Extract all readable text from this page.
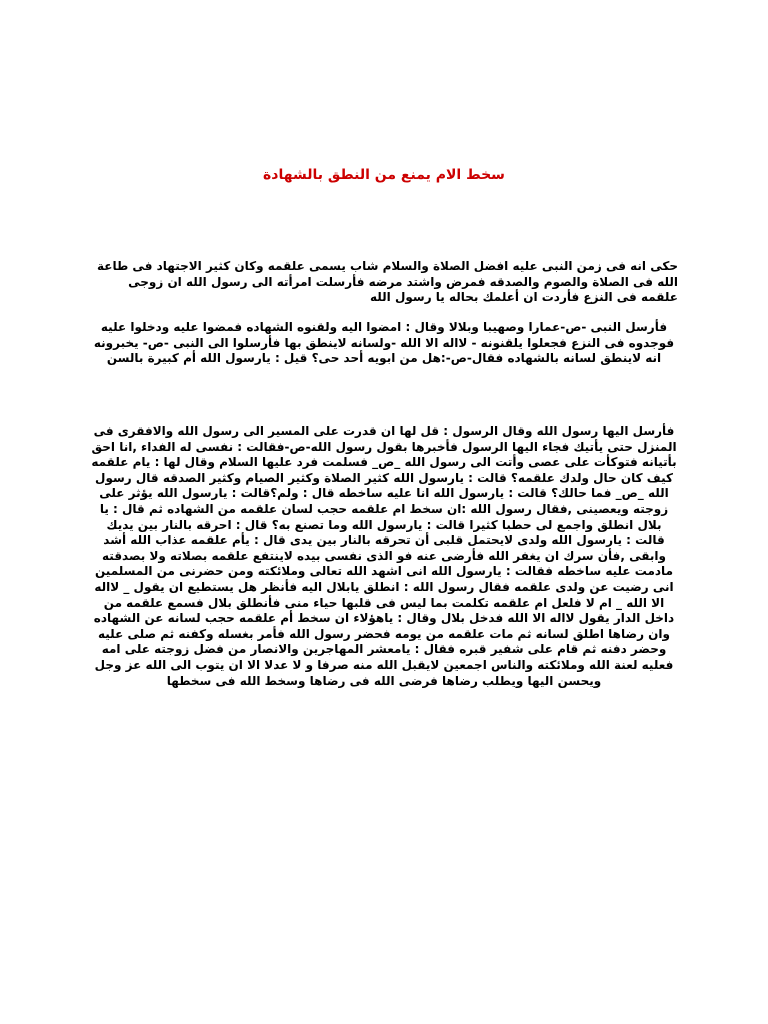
سخط الام يمنع من النطق بالشهادة

حكى انه فى زمن النبى عليه افضل الصلاة والسلام شاب يسمى علقمه وكان كثير الاجتهاد فى طاعة الله فى الصلاة والصوم والصدقه فمرض واشتد مرضه فأرسلت امرأته الى رسول الله ان زوجى علقمه فى النزع فأردت ان أعلمك بحاله يا رسول الله

فأرسل النبى -ص-عمارا وصهيبا وبلالا وقال : امضوا اليه ولقنوه الشهاده فمضوا عليه ودخلوا عليه فوجدوه فى النزع فجعلوا يلقنونه - لااله الا الله -ولسانه لاينطق بها فأرسلوا الى النبى -ص- يخبرونه انه لاينطق لسانه بالشهاده فقال-ص-:هل من ابويه أحد حى؟ قيل : يارسول الله أم كبيرة بالسن
فأرسل اليها رسول الله وقال الرسول : قل لها ان قدرت على المسير الى رسول الله والافقرى فى المنزل حتى يأتيك فجاء اليها الرسول فأخبرها بقول رسول الله-ص-فقالت : نفسى له الفداء ,انا احق بأتيانه فتوكأت على عصى وأتت الى رسول الله _ص_ فسلمت فرد عليها السلام وقال لها : يام علقمه كيف كان حال ولدك علقمه؟ قالت : يارسول الله كثير الصلاة وكثير الصيام وكثير الصدقه قال رسول الله _ص_ فما حالك؟ قالت : يارسول الله انا عليه ساخطه قال : ولم؟قالت : يارسول الله يؤثر على زوجته ويعصينى ,فقال رسول الله :ان سخط ام علقمه حجب لسان علقمه من الشهاده ثم قال : يا بلال انطلق واجمع لى حطبا كثيرا قالت : يارسول الله وما تصنع به؟ قال : احرقه بالنار بين يديك قالت : يارسول الله ولدى لايحتمل قلبى أن تحرقه بالنار بين يدى قال : يأم علقمه عذاب الله أشد وابقى ,فأن سرك ان يغفر الله فأرضى عنه فو الذى نفسى بيده لاينتفع علقمه بصلاته ولا بصدقته مادمت عليه ساخطه فقالت : يارسول الله انى اشهد الله تعالى وملائكته ومن حضرنى من المسلمين انى رضيت عن ولدى علقمه فقال رسول الله : انطلق يابلال اليه فأنظر هل يستطيع ان يقول _ لااله الا الله _ ام لا فلعل ام علقمه تكلمت بما ليس فى قلبها حياء منى فأنطلق بلال فسمع علقمه من داخل الدار يقول لااله الا الله فدخل بلال وقال : ياهؤلاء ان سخط أم علقمه حجب لسانه عن الشهاده وان رضاها اطلق لسانه ثم مات علقمه من يومه فحضر رسول الله فأمر بغسله وكفنه ثم صلى عليه وحضر دفنه ثم قام على شفير قبره فقال : يامعشر المهاجرين والانصار من فضل زوجته على امه فعليه لعنة الله وملائكته والناس اجمعين لايقبل الله منه صرفا و لا عدلا الا ان يتوب الى الله عز وجل ويحسن اليها ويطلب رضاها فرضى الله فى رضاها وسخط الله فى سخطها
